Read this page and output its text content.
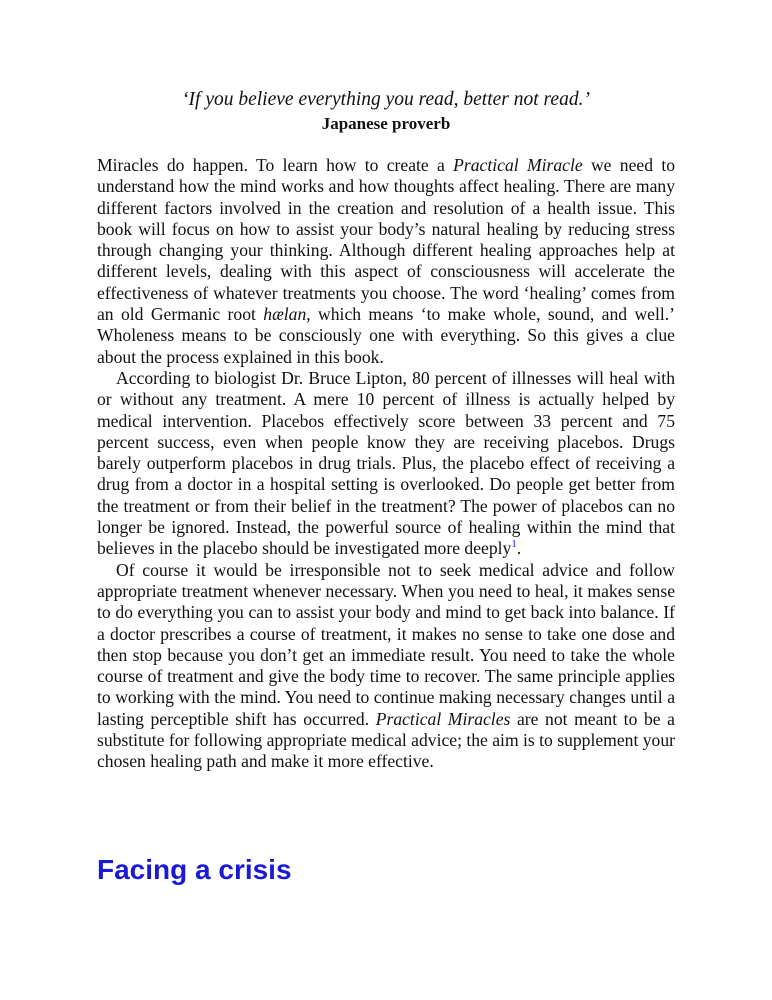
‘If you believe everything you read, better not read.’
Japanese proverb

Miracles do happen. To learn how to create a Practical Miracle we need to understand how the mind works and how thoughts affect healing. There are many different factors involved in the creation and resolution of a health issue. This book will focus on how to assist your body’s natural healing by reducing stress through changing your thinking. Although different healing approaches help at different levels, dealing with this aspect of consciousness will accelerate the effectiveness of whatever treatments you choose. The word ‘healing’ comes from an old Germanic root hælan, which means ‘to make whole, sound, and well.’ Wholeness means to be consciously one with everything. So this gives a clue about the process explained in this book.

According to biologist Dr. Bruce Lipton, 80 percent of illnesses will heal with or without any treatment. A mere 10 percent of illness is actually helped by medical intervention. Placebos effectively score between 33 percent and 75 percent success, even when people know they are receiving placebos. Drugs barely outperform placebos in drug trials. Plus, the placebo effect of receiving a drug from a doctor in a hospital setting is overlooked. Do people get better from the treatment or from their belief in the treatment? The power of placebos can no longer be ignored. Instead, the powerful source of healing within the mind that believes in the placebo should be investigated more deeply$^1$.

Of course it would be irresponsible not to seek medical advice and follow appropriate treatment whenever necessary. When you need to heal, it makes sense to do everything you can to assist your body and mind to get back into balance. If a doctor prescribes a course of treatment, it makes no sense to take one dose and then stop because you don’t get an immediate result. You need to take the whole course of treatment and give the body time to recover. The same principle applies to working with the mind. You need to continue making necessary changes until a lasting perceptible shift has occurred. Practical Miracles are not meant to be a substitute for following appropriate medical advice; the aim is to supplement your chosen healing path and make it more effective.

Facing a crisis
